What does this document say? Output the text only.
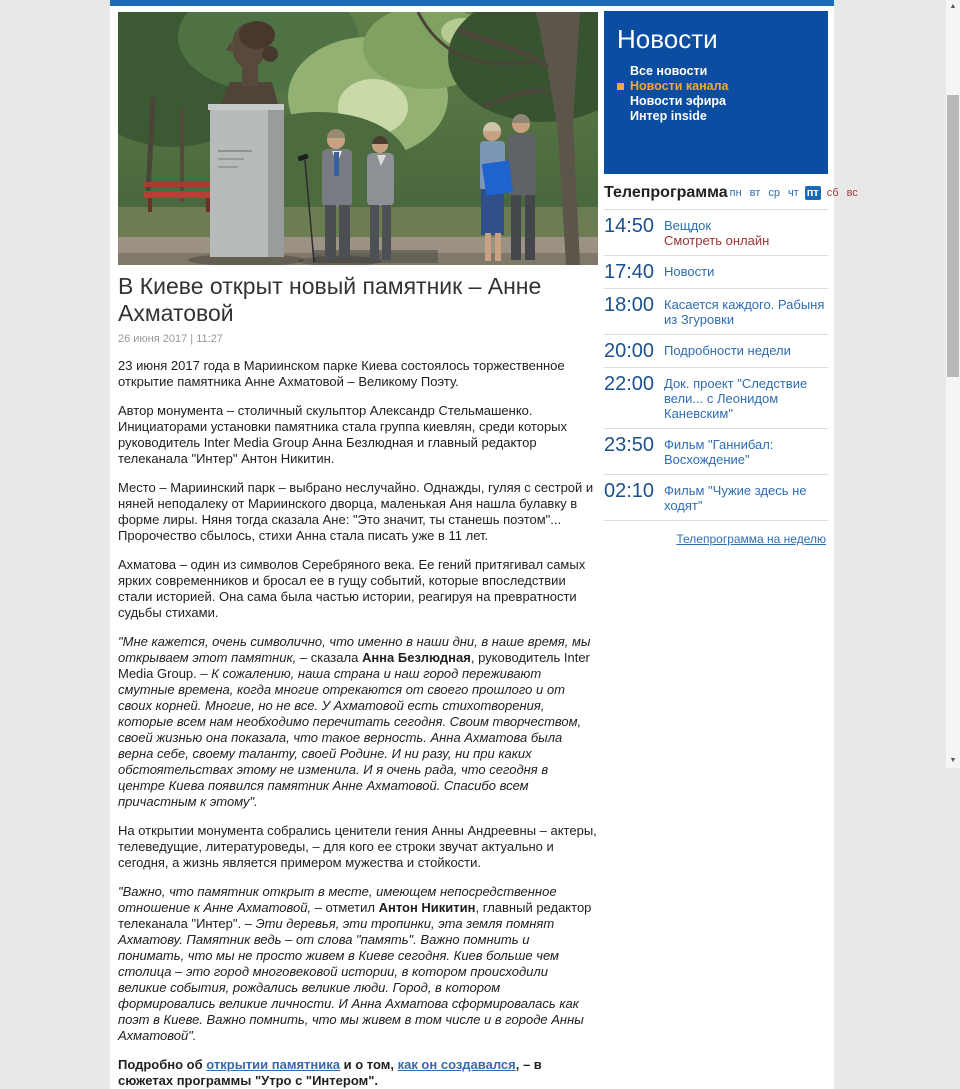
В Киеве открыт новый памятник – Анне Ахматовой
26 июня 2017 | 11:27

23 июня 2017 года в Мариинском парке Киева состоялось торжественное открытие памятника Анне Ахматовой – Великому Поэту.

Автор монумента – столичный скульптор Александр Стельмашенко. Инициаторами установки памятника стала группа киевлян, среди которых руководитель Inter Media Group Анна Безлюдная и главный редактор телеканала "Интер" Антон Никитин.

Место – Мариинский парк – выбрано неслучайно. Однажды, гуляя с сестрой и няней неподалеку от Мариинского дворца, маленькая Аня нашла булавку в форме лиры. Няня тогда сказала Ане: "Это значит, ты станешь поэтом"... Пророчество сбылось, стихи Анна стала писать уже в 11 лет.

Ахматова – один из символов Серебряного века. Ее гений притягивал самых ярких современников и бросал ее в гущу событий, которые впоследствии стали историей. Она сама была частью истории, реагируя на превратности судьбы стихами.

"Мне кажется, очень символично, что именно в наши дни, в наше время, мы открываем этот памятник, – сказала Анна Безлюдная, руководитель Inter Media Group. – К сожалению, наша страна и наш город переживают смутные времена, когда многие отрекаются от своего прошлого и от своих корней. Многие, но не все. У Ахматовой есть стихотворения, которые всем нам необходимо перечитать сегодня. Своим творчеством, своей жизнью она показала, что такое верность. Анна Ахматова была верна себе, своему таланту, своей Родине. И ни разу, ни при каких обстоятельствах этому не изменила. И я очень рада, что сегодня в центре Киева появился памятник Анне Ахматовой. Спасибо всем причастным к этому".

На открытии монумента собрались ценители гения Анны Андреевны – актеры, телеведущие, литературоведы, – для кого ее строки звучат актуально и сегодня, а жизнь является примером мужества и стойкости.

"Важно, что памятник открыт в месте, имеющем непосредственное отношение к Анне Ахматовой, – отметил Антон Никитин, главный редактор телеканала "Интер". – Эти деревья, эти тропинки, эта земля помнят Ахматову. Памятник ведь – от слова "память". Важно помнить и понимать, что мы не просто живем в Киеве сегодня. Киев больше чем столица – это город многовековой истории, в котором происходили великие события, рождались великие люди. Город, в котором формировались великие личности. И Анна Ахматова сформировалась как поэт в Киеве. Важно помнить, что мы живем в том числе и в городе Анны Ахматовой".

Подробно об открытии памятника и о том, как он создавался, – в сюжетах программы "Утро с "Интером".

Новости
Все новости
Новости канала
Новости эфира
Интер inside
Телепрограмма пн вт ср чт пт сб вс
14:50 Вещдок
Смотреть онлайн
17:40 Новости
18:00 Касается каждого. Рабыня из Згуровки
20:00 Подробности недели
22:00 Док. проект "Следствие вели... с Леонидом Каневским"
23:50 Фильм "Ганнибал: Восхождение"
02:10 Фильм "Чужие здесь не ходят"
Телепрограмма на неделю
▲
▼
